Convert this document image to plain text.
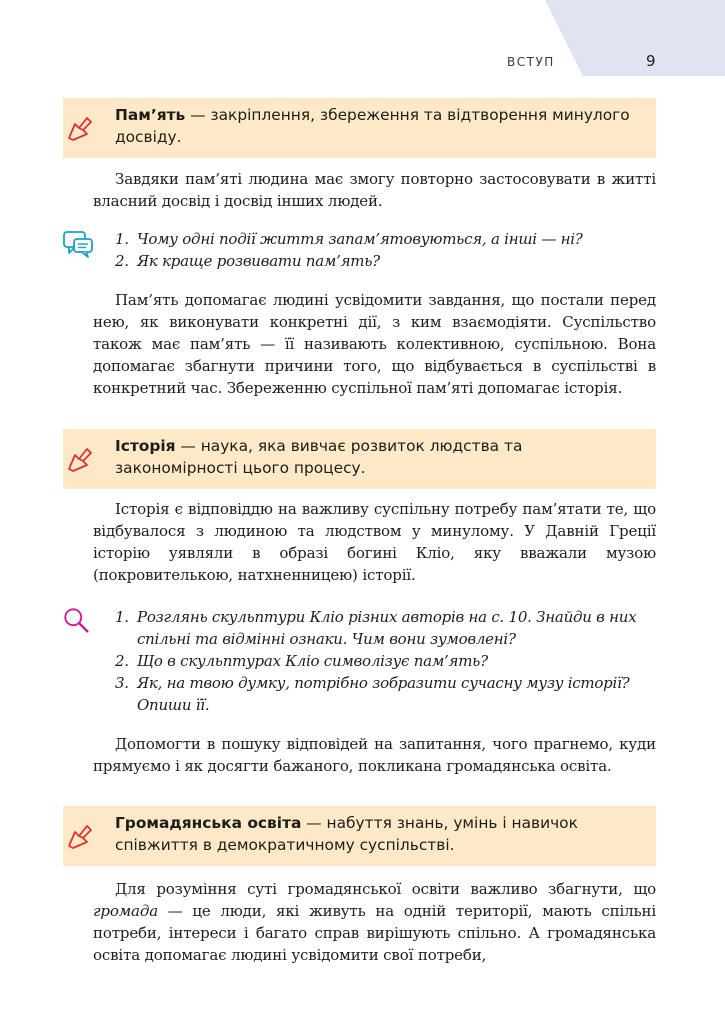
ВСТУП	9
Пам’ять — закріплення, збереження та відтворення минулого досвіду.

Завдяки пам’яті людина має змогу повторно застосовувати в житті власний досвід і досвід інших людей.

1. Чому одні події життя запам’ятовуються, а інші — ні?
2. Як краще розвивати пам’ять?

Пам’ять допомагає людині усвідомити завдання, що постали перед нею, як виконувати конкретні дії, з ким взаємодіяти. Суспільство також має пам’ять — її називають колективною, суспільною. Вона допомагає збагнути причини того, що відбувається в суспільстві в конкретний час. Збереженню суспільної пам’яті допомагає історія.

Історія — наука, яка вивчає розвиток людства та закономірності цього процесу.

Історія є відповіддю на важливу суспільну потребу пам’ятати те, що відбувалося з людиною та людством у минулому. У Давній Греції історію уявляли в образі богині Кліо, яку вважали музою (покровителькою, натхненницею) історії.

1. Розглянь скульптури Кліо різних авторів на с. 10. Знайди в них спільні та відмінні ознаки. Чим вони зумовлені?
2. Що в скульптурах Кліо символізує пам’ять?
3. Як, на твою думку, потрібно зобразити сучасну музу історії? Опиши її.

Допомогти в пошуку відповідей на запитання, чого прагнемо, куди прямуємо і як досягти бажаного, покликана громадянська освіта.

Громадянська освіта — набуття знань, умінь і навичок співжиття в демократичному суспільстві.

Для розуміння суті громадянської освіти важливо збагнути, що громада — це люди, які живуть на одній території, мають спільні потреби, інтереси і багато справ вирішують спільно. А громадянська освіта допомагає людині усвідомити свої потреби,
